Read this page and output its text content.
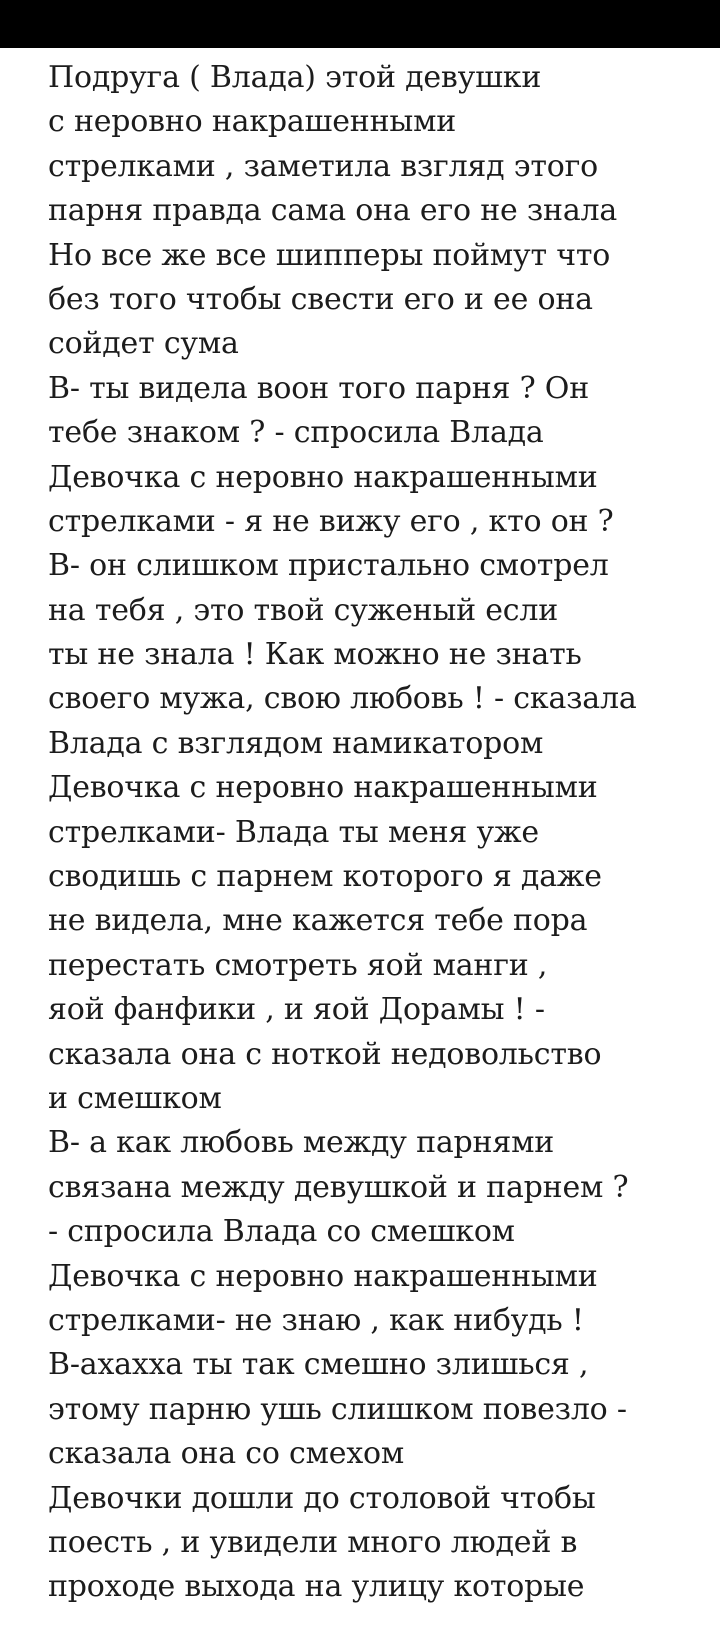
Подруга ( Влада) этой девушки
с неровно накрашенными
стрелками , заметила взгляд этого
парня правда сама она его не знала
Но все же все шипперы поймут что
без того чтобы свести его и ее она
сойдет сума
В- ты видела воон того парня ? Он
тебе знаком ? - спросила Влада
Девочка с неровно накрашенными
стрелками - я не вижу его , кто он ?
В- он слишком пристально смотрел
на тебя , это твой суженый если
ты не знала ! Как можно не знать
своего мужа, свою любовь ! - сказала
Влада с взглядом намикатором
Девочка с неровно накрашенными
стрелками- Влада ты меня уже
сводишь с парнем которого я даже
не видела, мне кажется тебе пора
перестать смотреть яой манги ,
яой фанфики , и яой Дорамы ! -
сказала она с ноткой недовольство
и смешком
В- а как любовь между парнями
связана между девушкой и парнем ?
- спросила Влада со смешком
Девочка с неровно накрашенными
стрелками- не знаю , как нибудь !
В-ахахха ты так смешно злишься ,
этому парню ушь слишком повезло -
сказала она со смехом
Девочки дошли до столовой чтобы
поесть , и увидели много людей в
проходе выхода на улицу которые
